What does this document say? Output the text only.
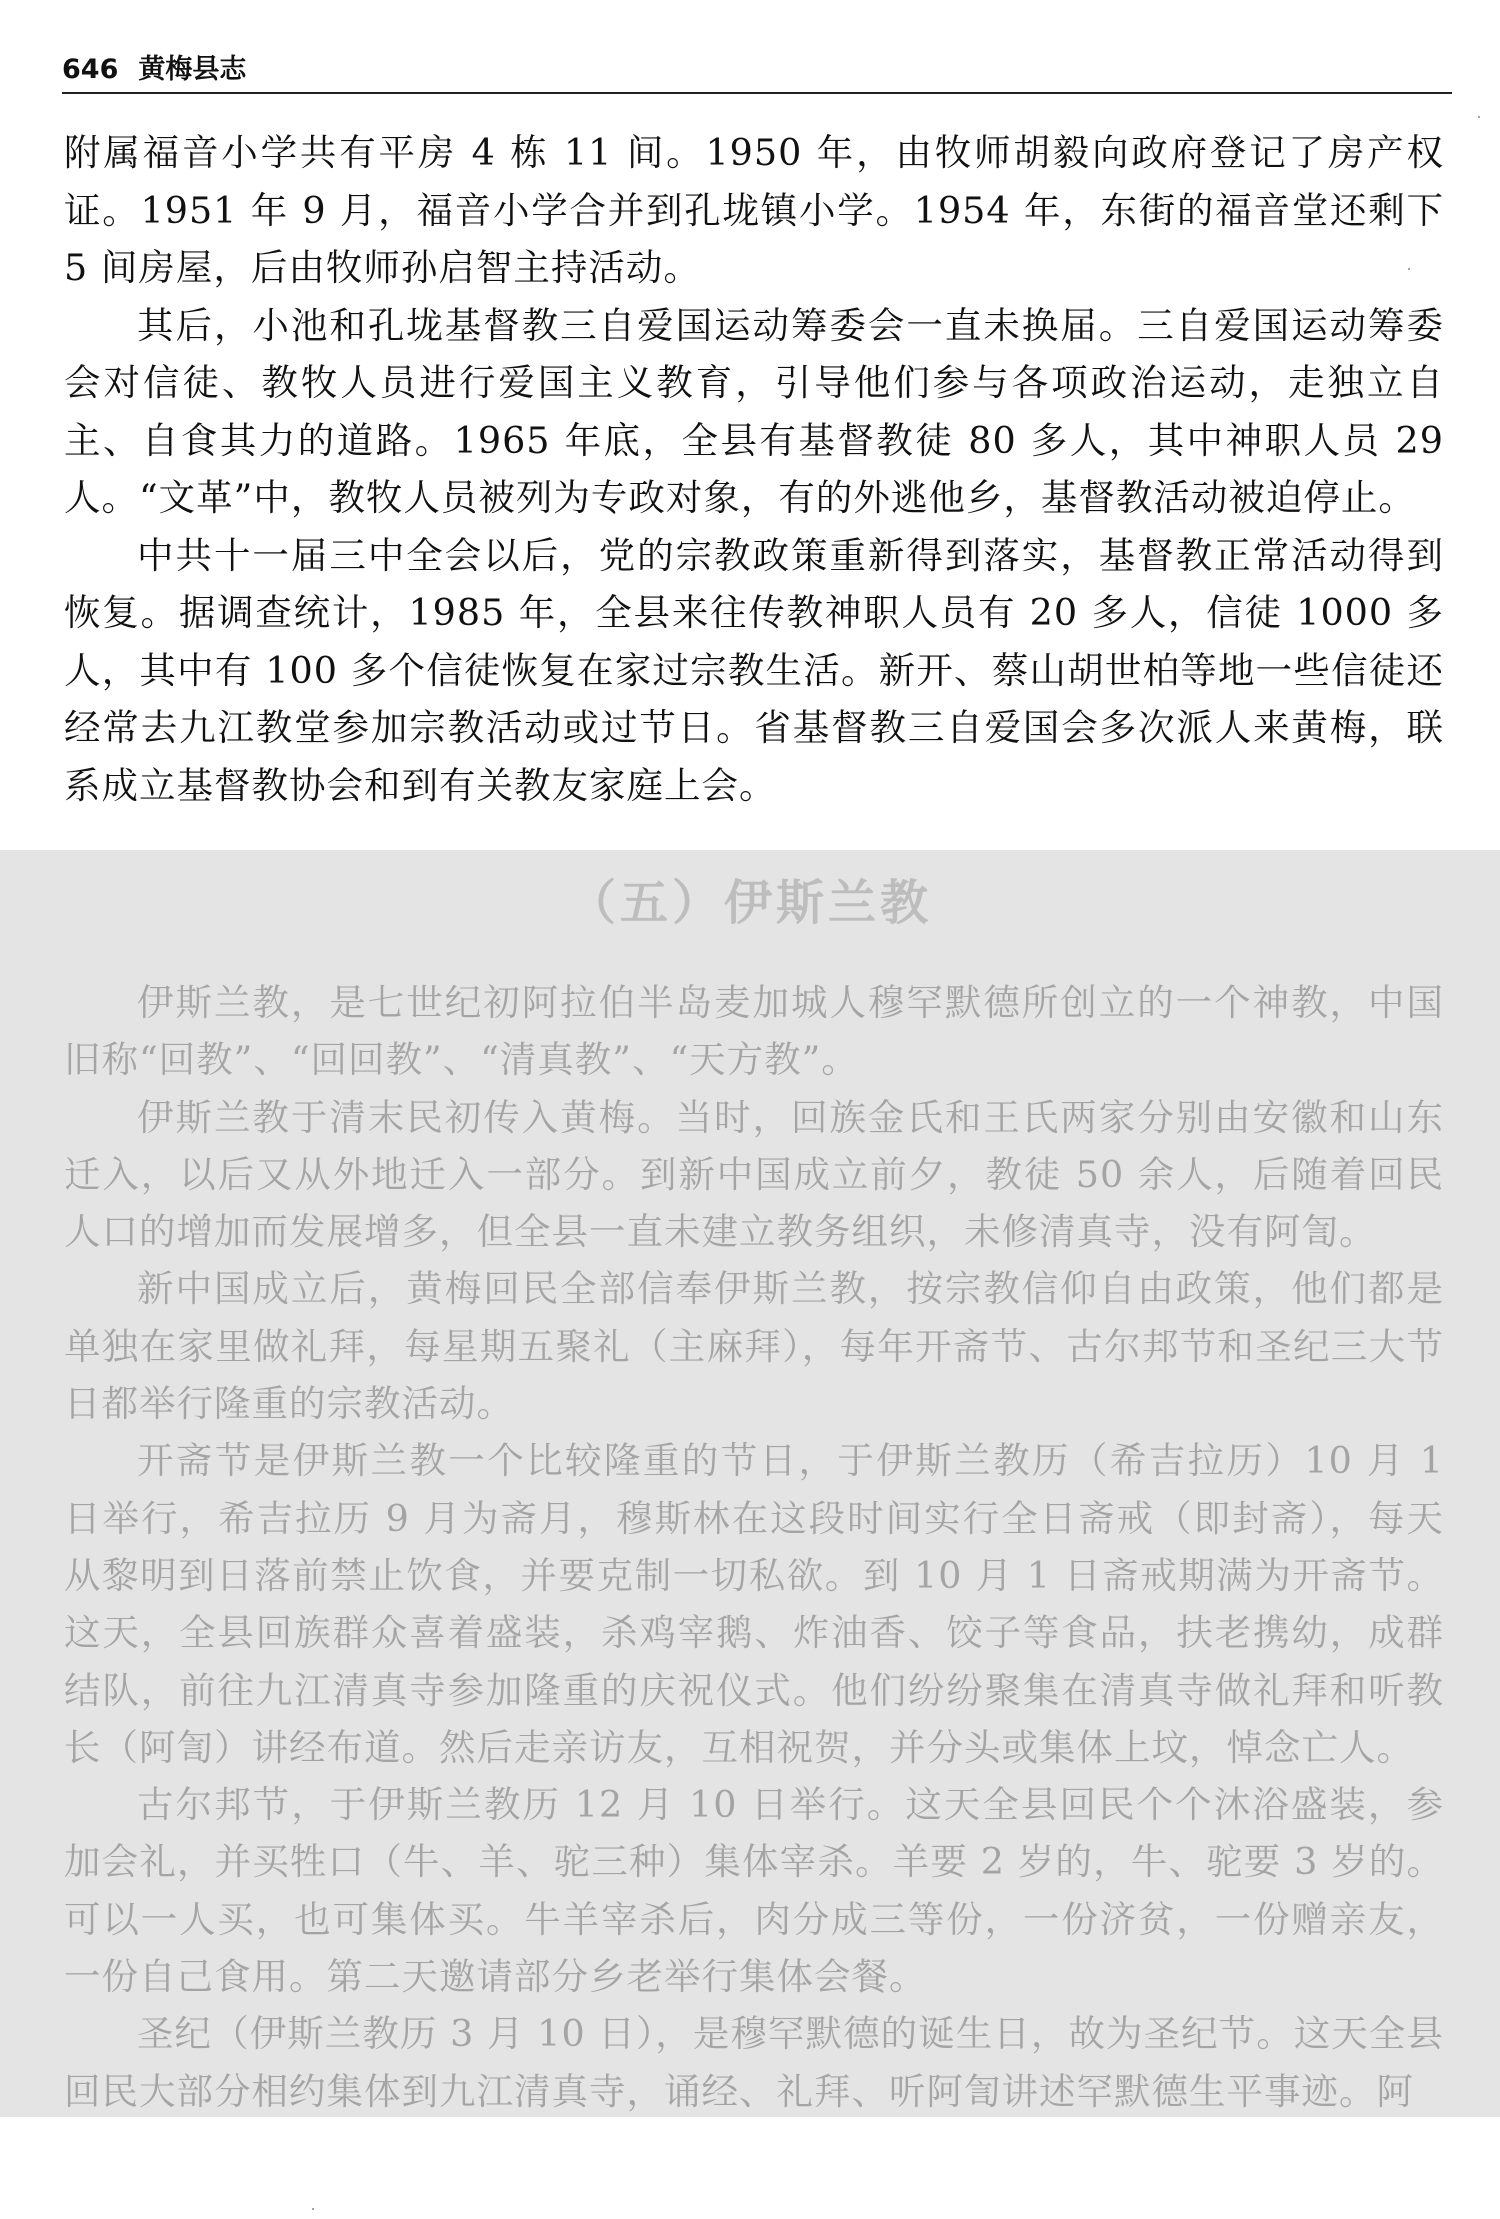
646 黄梅县志

附属福音小学共有平房 4 栋 11 间。1950 年，由牧师胡毅向政府登记了房产权证。1951 年 9 月，福音小学合并到孔垅镇小学。1954 年，东街的福音堂还剩下 5 间房屋，后由牧师孙启智主持活动。

其后，小池和孔垅基督教三自爱国运动筹委会一直未换届。三自爱国运动筹委会对信徒、教牧人员进行爱国主义教育，引导他们参与各项政治运动，走独立自主、自食其力的道路。1965 年底，全县有基督教徒 80 多人，其中神职人员 29 人。“文革”中，教牧人员被列为专政对象，有的外逃他乡，基督教活动被迫停止。

中共十一届三中全会以后，党的宗教政策重新得到落实，基督教正常活动得到恢复。据调查统计，1985 年，全县来往传教神职人员有 20 多人，信徒 1000 多人，其中有 100 多个信徒恢复在家过宗教生活。新开、蔡山胡世柏等地一些信徒还经常去九江教堂参加宗教活动或过节日。省基督教三自爱国会多次派人来黄梅，联系成立基督教协会和到有关教友家庭上会。

（五）伊斯兰教

伊斯兰教，是七世纪初阿拉伯半岛麦加城人穆罕默德所创立的一个神教，中国旧称“回教”、“回回教”、“清真教”、“天方教”。

伊斯兰教于清末民初传入黄梅。当时，回族金氏和王氏两家分别由安徽和山东迁入，以后又从外地迁入一部分。到新中国成立前夕，教徒 50 余人，后随着回民人口的增加而发展增多，但全县一直未建立教务组织，未修清真寺，没有阿訇。

新中国成立后，黄梅回民全部信奉伊斯兰教，按宗教信仰自由政策，他们都是单独在家里做礼拜，每星期五聚礼（主麻拜），每年开斋节、古尔邦节和圣纪三大节日都举行隆重的宗教活动。

开斋节是伊斯兰教一个比较隆重的节日，于伊斯兰教历（希吉拉历）10 月 1 日举行，希吉拉历 9 月为斋月，穆斯林在这段时间实行全日斋戒（即封斋），每天从黎明到日落前禁止饮食，并要克制一切私欲。到 10 月 1 日斋戒期满为开斋节。这天，全县回族群众喜着盛装，杀鸡宰鹅、炸油香、饺子等食品，扶老携幼，成群结队，前往九江清真寺参加隆重的庆祝仪式。他们纷纷聚集在清真寺做礼拜和听教长（阿訇）讲经布道。然后走亲访友，互相祝贺，并分头或集体上坟，悼念亡人。

古尔邦节，于伊斯兰教历 12 月 10 日举行。这天全县回民个个沐浴盛装，参加会礼，并买牲口（牛、羊、驼三种）集体宰杀。羊要 2 岁的，牛、驼要 3 岁的。可以一人买，也可集体买。牛羊宰杀后，肉分成三等份，一份济贫，一份赠亲友，一份自己食用。第二天邀请部分乡老举行集体会餐。

圣纪（伊斯兰教历 3 月 10 日），是穆罕默德的诞生日，故为圣纪节。这天全县回民大部分相约集体到九江清真寺，诵经、礼拜、听阿訇讲述罕默德生平事迹。阿
